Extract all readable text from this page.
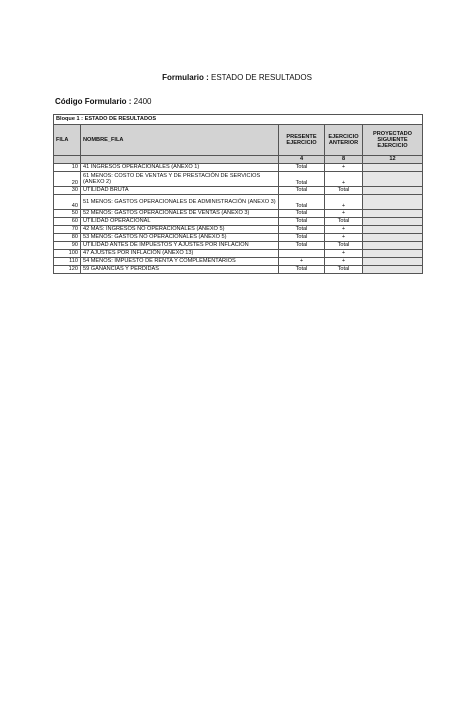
Formulario : ESTADO DE RESULTADOS
Código Formulario : 2400
Bloque 1 : ESTADO DE RESULTADOS				
FILA	NOMBRE_FILA	PRESENTE EJERCICIO	EJERCICIO ANTERIOR	PROYECTADO SIGUIENTE EJERCICIO
		4	8	12
10	41 INGRESOS OPERACIONALES (ANEXO 1)	Total	+	
20	61 MENOS: COSTO DE VENTAS Y DE PRESTACIÓN DE SERVICIOS (ANEXO 2)	Total	+	
30	UTILIDAD BRUTA	Total	Total	
40	51 MENOS: GASTOS OPERACIONALES DE ADMINISTRACIÓN (ANEXO 3)	Total	+	
50	52 MENOS: GASTOS OPERACIONALES DE VENTAS (ANEXO 3)	Total	+	
60	UTILIDAD OPERACIONAL	Total	Total	
70	42 MAS: INGRESOS NO OPERACIONALES (ANEXO 5)	Total	+	
80	53 MENOS: GASTOS NO OPERACIONALES (ANEXO 5)	Total	+	
90	UTILIDAD ANTES DE IMPUESTOS Y AJUSTES POR INFLACION	Total	Total	
100	47 AJUSTES POR INFLACIÓN (ANEXO 13)		+	
110	54 MENOS: IMPUESTO DE RENTA Y COMPLEMENTARIOS	+	+	
120	59 GANANCIAS Y PERDIDAS	Total	Total	
